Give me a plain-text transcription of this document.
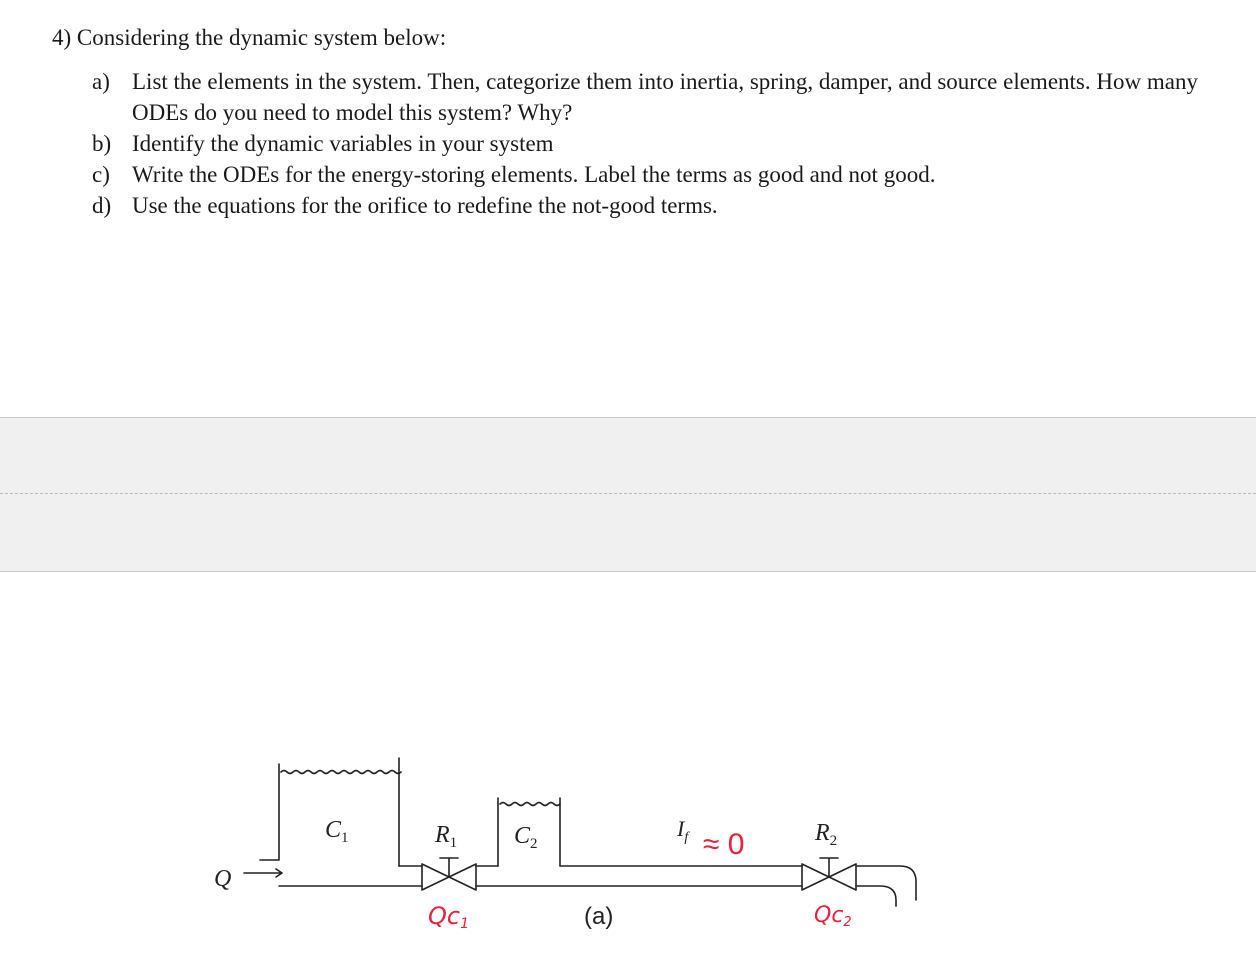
4) Considering the dynamic system below:

a) List the elements in the system. Then, categorize them into inertia, spring, damper, and source elements. How many ODEs do you need to model this system? Why?
b) Identify the dynamic variables in your system
c) Write the ODEs for the energy-storing elements. Label the terms as good and not good.
d) Use the equations for the orifice to redefine the not-good terms.
Q
$C_1$	$R_1$ $C_2$
$I_f \approx 0$	$R_2$
(a)
Qc1	Qc2
